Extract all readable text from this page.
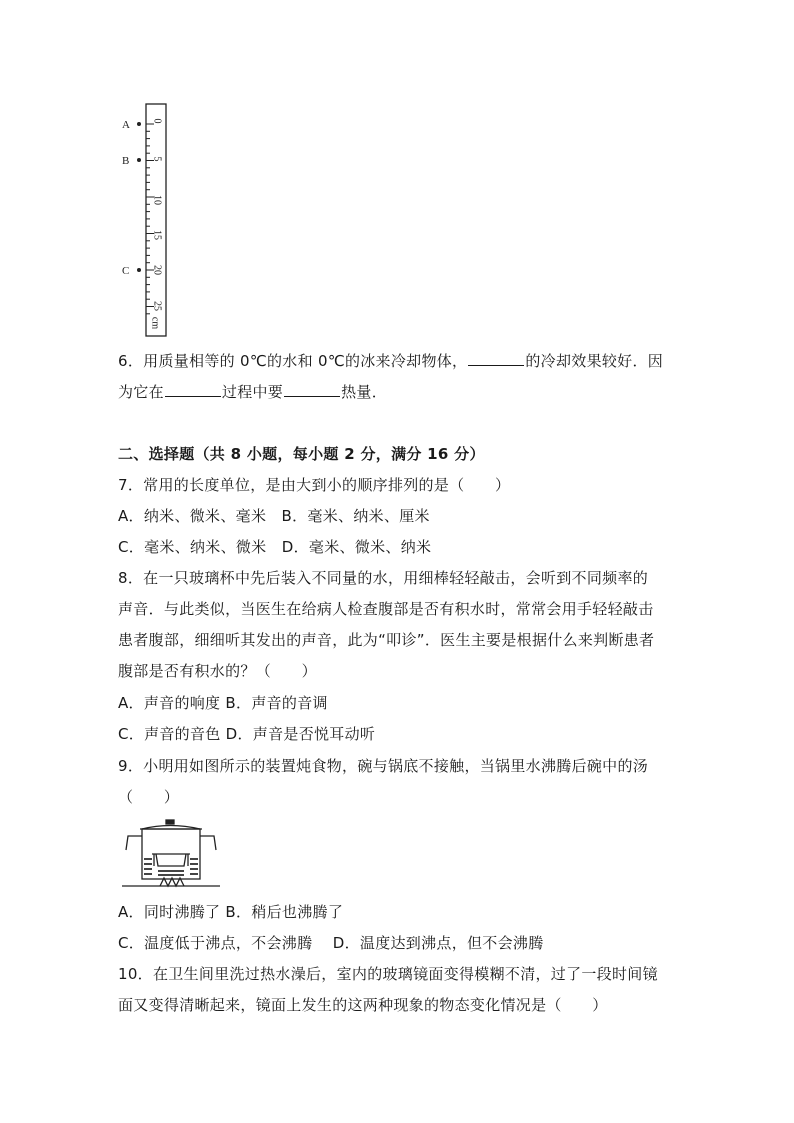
0
5
10
15
20
25
cm
A
B
C
6．用质量相等的 0℃的水和 0℃的冰来冷却物体，	的冷却效果较好．因
为它在	过程中要	热量．
二、选择题（共 8 小题，每小题 2 分，满分 16 分）
7．常用的长度单位，是由大到小的顺序排列的是（　　）
A．纳米、微米、毫米　B．毫米、纳米、厘米
C．毫米、纳米、微米　D．毫米、微米、纳米
8．在一只玻璃杯中先后装入不同量的水，用细棒轻轻敲击，会听到不同频率的
声音．与此类似，当医生在给病人检查腹部是否有积水时，常常会用手轻轻敲击
患者腹部，细细听其发出的声音，此为“叩诊”．医生主要是根据什么来判断患者
腹部是否有积水的？（　　）
A．声音的响度 B．声音的音调
C．声音的音色 D．声音是否悦耳动听
9．小明用如图所示的装置炖食物，碗与锅底不接触，当锅里水沸腾后碗中的汤
（　　）
A．同时沸腾了 B．稍后也沸腾了
C．温度低于沸点，不会沸腾　 D．温度达到沸点，但不会沸腾
10．在卫生间里洗过热水澡后，室内的玻璃镜面变得模糊不清，过了一段时间镜
面又变得清晰起来，镜面上发生的这两种现象的物态变化情况是（　　）
